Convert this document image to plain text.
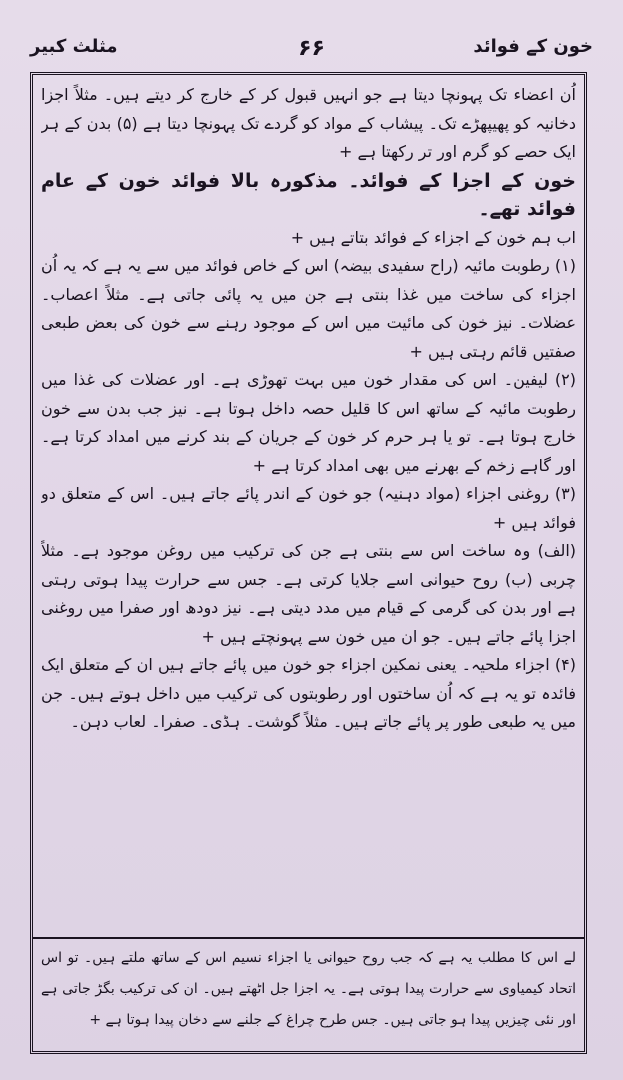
خون کے فوائد
۶۶
مثلث کبیر

اُن اعضاء تک پہونچا دیتا ہے جو انہیں قبول کر کے خارج کر دیتے ہیں۔ مثلاً اجزا دخانیہ کو پھیپھڑے تک۔ پیشاب کے مواد کو گردے تک پہونچا دیتا ہے (۵) بدن کے ہر ایک حصے کو گرم اور تر رکھتا ہے +

خون کے اجزا کے فوائد۔ مذکورہ بالا فوائد خون کے عام فوائد تھے۔

اب ہم خون کے اجزاء کے فوائد بتاتے ہیں +

(۱) رطوبت مائیہ (راح سفیدی بیضہ) اس کے خاص فوائد میں سے یہ ہے کہ یہ اُن اجزاء کی ساخت میں غذا بنتی ہے جن میں یہ پائی جاتی ہے۔ مثلاً اعصاب۔ عضلات۔ نیز خون کی مائیت میں اس کے موجود رہنے سے خون کی بعض طبعی صفتیں قائم رہتی ہیں +

(۲) لیفین۔ اس کی مقدار خون میں بہت تھوڑی ہے۔ اور عضلات کی غذا میں رطوبت مائیہ کے ساتھ اس کا قلیل حصہ داخل ہوتا ہے۔ نیز جب بدن سے خون خارج ہوتا ہے۔ تو یا ہر حرم کر خون کے جریان کے بند کرنے میں امداد کرتا ہے۔ اور گاہے زخم کے بھرنے میں بھی امداد کرتا ہے +

(۳) روغنی اجزاء (مواد دہنیہ) جو خون کے اندر پائے جاتے ہیں۔ اس کے متعلق دو فوائد ہیں +

(الف) وہ ساخت اس سے بنتی ہے جن کی ترکیب میں روغن موجود ہے۔ مثلاً چربی (ب) روح حیوانی اسے جلایا کرتی ہے۔ جس سے حرارت پیدا ہوتی رہتی ہے اور بدن کی گرمی کے قیام میں مدد دیتی ہے۔ نیز دودھ اور صفرا میں روغنی اجزا پائے جاتے ہیں۔ جو ان میں خون سے پہونچتے ہیں +

(۴) اجزاء ملحیہ۔ یعنی نمکین اجزاء جو خون میں پائے جاتے ہیں ان کے متعلق ایک فائدہ تو یہ ہے کہ اُن ساختوں اور رطوبتوں کی ترکیب میں داخل ہوتے ہیں۔ جن میں یہ طبعی طور پر پائے جاتے ہیں۔ مثلاً گوشت۔ ہڈی۔ صفرا۔ لعاب دہن۔

لے اس کا مطلب یہ ہے کہ جب روح حیوانی یا اجزاء نسیم اس کے ساتھ ملتے ہیں۔ تو اس اتحاد کیمیاوی سے حرارت پیدا ہوتی ہے۔ یہ اجزا جل اٹھتے ہیں۔ ان کی ترکیب بگڑ جاتی ہے اور نئی چیزیں پیدا ہو جاتی ہیں۔ جس طرح چراغ کے جلنے سے دخان پیدا ہوتا ہے +
